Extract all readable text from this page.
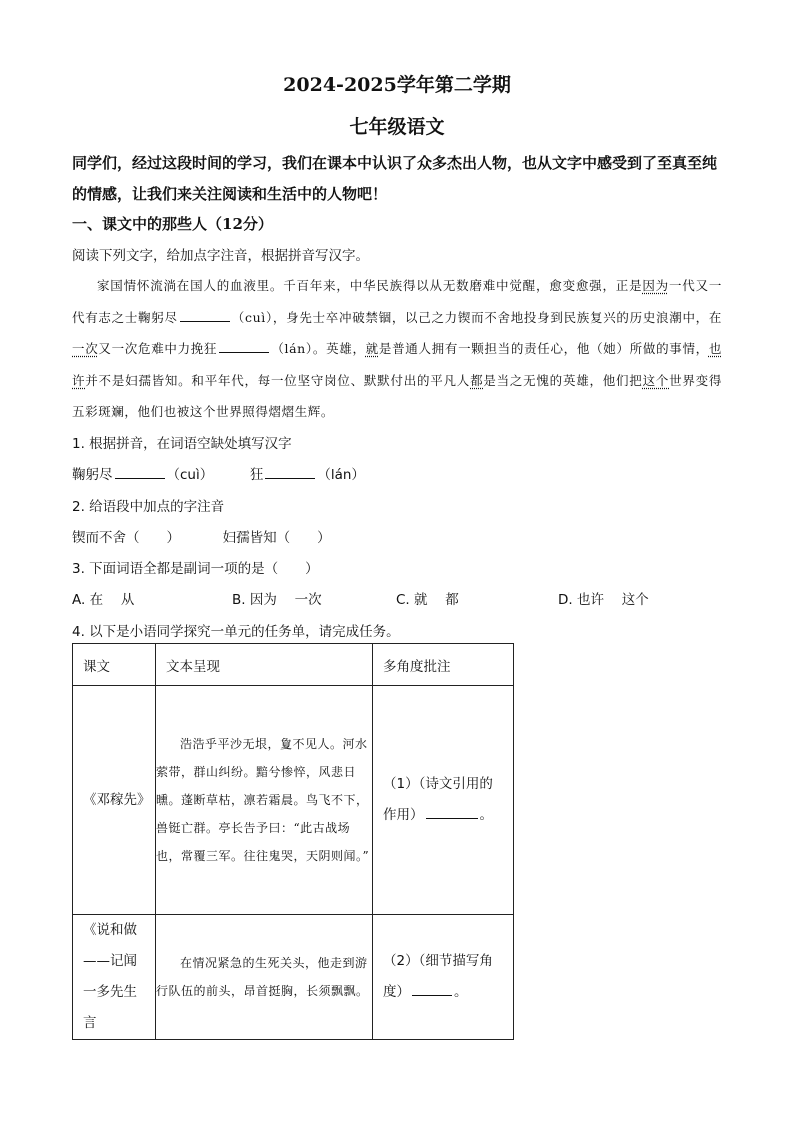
2024-2025学年第二学期
七年级语文
同学们，经过这段时间的学习，我们在课本中认识了众多杰出人物，也从文字中感受到了至真至纯的情感，让我们来关注阅读和生活中的人物吧！
一、课文中的那些人（12分）
阅读下列文字，给加点字注音，根据拼音写汉字。
家国情怀流淌在国人的血液里。千百年来，中华民族得以从无数磨难中觉醒，愈变愈强，正是因为一代又一代有志之士鞠躬尽	（cuì），身先士卒冲破禁锢，以己之力锲而不舍地投身到民族复兴的历史浪潮中，在一次又一次危难中力挽狂	（lán）。英雄，就是普通人拥有一颗担当的责任心，他（她）所做的事情，也许并不是妇孺皆知。和平年代，每一位坚守岗位、默默付出的平凡人都是当之无愧的英雄，他们把这个世界变得五彩斑斓，他们也被这个世界照得熠熠生辉。
1. 根据拼音，在词语空缺处填写汉字
鞠躬尽	（cuì）	狂	（lán）
2. 给语段中加点的字注音
锲而不舍（　　）	妇孺皆知（　　）
3. 下面词语全都是副词一项的是（　　）
A. 在　 从	B. 因为　 一次	C. 就　 都	D. 也许　 这个
4. 以下是小语同学探究一单元的任务单，请完成任务。
课文	文本呈现	多角度批注
《邓稼先》	浩浩乎平沙无垠，夐不见人。河水萦带，群山纠纷。黯兮惨悴，风悲日曛。蓬断草枯，凛若霜晨。鸟飞不下，兽铤亡群。亭长告予曰：“此古战场也，常覆三军。往往鬼哭，天阴则闻。”	（1）（诗文引用的作用） 。
《说和做——记闻一多先生言	在情况紧急的生死关头，他走到游行队伍的前头，昂首挺胸，长须飘飘。	（2）（细节描写角度） 。
